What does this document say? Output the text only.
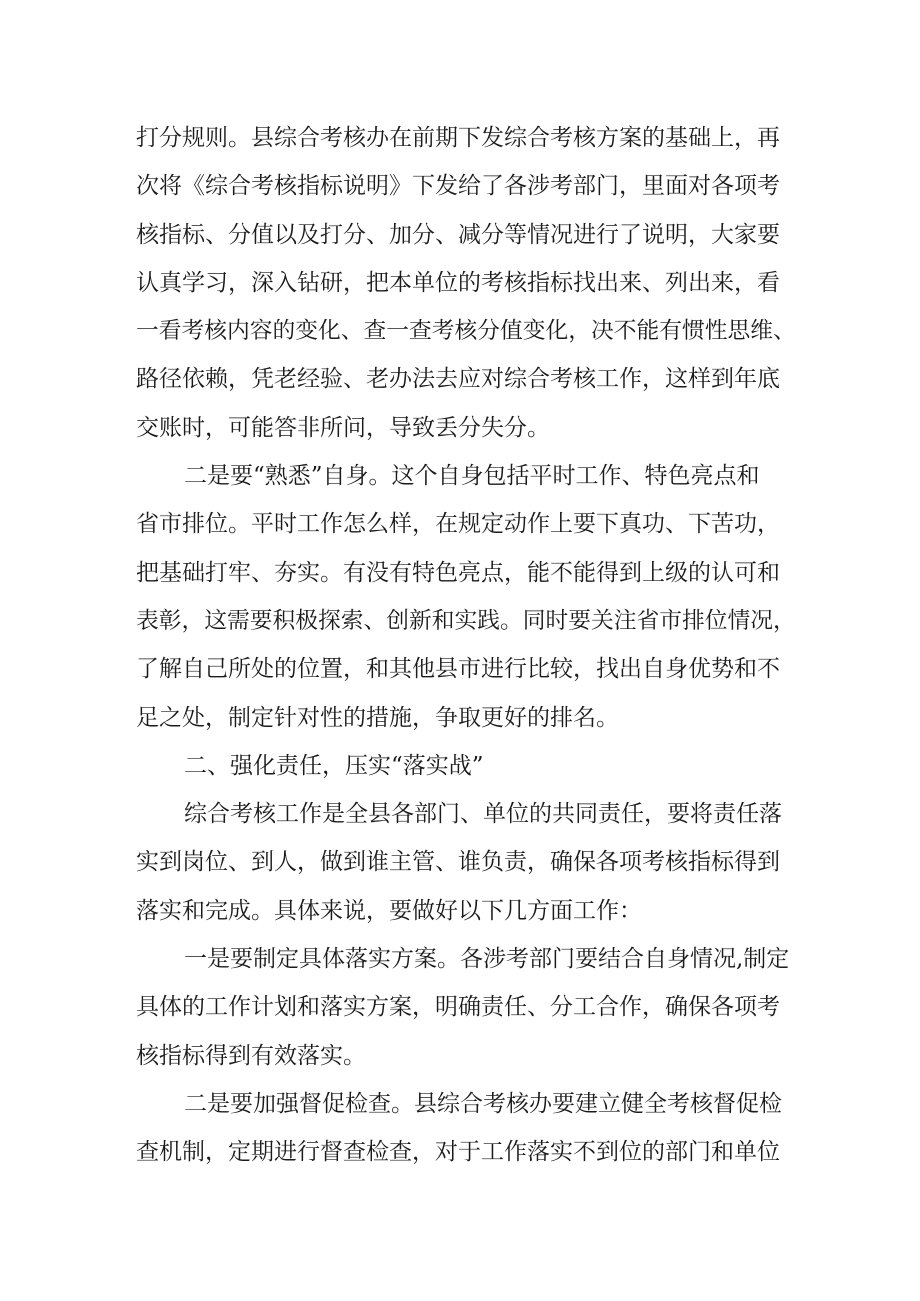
打分规则。县综合考核办在前期下发综合考核方案的基础上，再
次将《综合考核指标说明》下发给了各涉考部门，里面对各项考
核指标、分值以及打分、加分、减分等情况进行了说明，大家要
认真学习，深入钻研，把本单位的考核指标找出来、列出来，看
一看考核内容的变化、查一查考核分值变化，决不能有惯性思维、
路径依赖，凭老经验、老办法去应对综合考核工作，这样到年底
交账时，可能答非所问，导致丢分失分。
二是要“熟悉”自身。这个自身包括平时工作、特色亮点和
省市排位。平时工作怎么样，在规定动作上要下真功、下苦功，
把基础打牢、夯实。有没有特色亮点，能不能得到上级的认可和
表彰，这需要积极探索、创新和实践。同时要关注省市排位情况，
了解自己所处的位置，和其他县市进行比较，找出自身优势和不
足之处，制定针对性的措施，争取更好的排名。
二、强化责任，压实“落实战”
综合考核工作是全县各部门、单位的共同责任，要将责任落
实到岗位、到人，做到谁主管、谁负责，确保各项考核指标得到
落实和完成。具体来说，要做好以下几方面工作：
一是要制定具体落实方案。各涉考部门要结合自身情况,制定
具体的工作计划和落实方案，明确责任、分工合作，确保各项考
核指标得到有效落实。
二是要加强督促检查。县综合考核办要建立健全考核督促检
查机制，定期进行督查检查，对于工作落实不到位的部门和单位
